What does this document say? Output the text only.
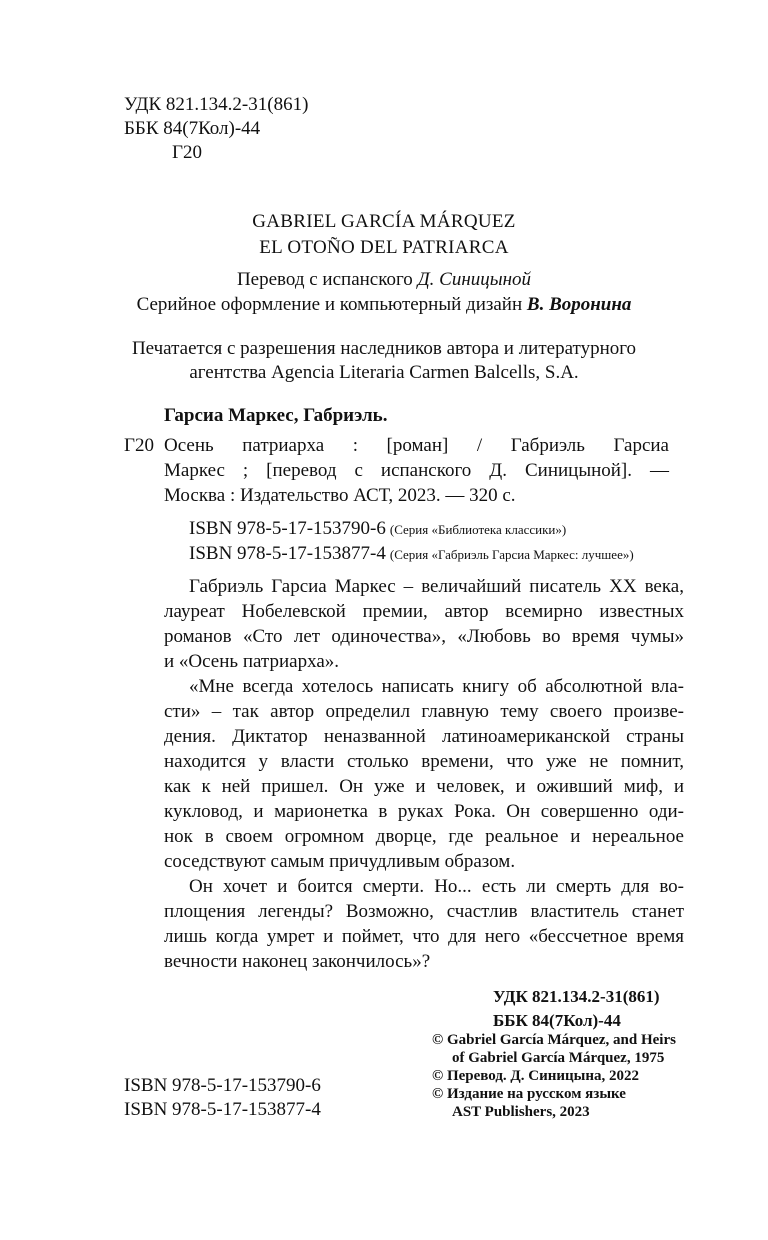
УДК 821.134.2-31(861)
ББК 84(7Кол)-44
Г20
GABRIEL GARCÍA MÁRQUEZ
EL OTOÑO DEL PATRIARCA
Перевод с испанского Д. Синицыной
Серийное оформление и компьютерный дизайн В. Воронина
Печатается с разрешения наследников автора и литературного
агентства Agencia Literaria Carmen Balcells, S.A.
Гарсиа Маркес, Габриэль.
Г20 Осень патриарха : [роман] / Габриэль Гарсиа
Маркес ; [перевод с испанского Д. Синицыной]. —
Москва : Издательство АСТ, 2023. — 320 с.
ISBN 978-5-17-153790-6 (Серия «Библиотека классики»)
ISBN 978-5-17-153877-4 (Серия «Габриэль Гарсиа Маркес: лучшее»)
Габриэль Гарсиа Маркес – величайший писатель XX века,
лауреат Нобелевской премии, автор всемирно известных
романов «Сто лет одиночества», «Любовь во время чумы»
и «Осень патриарха».
«Мне всегда хотелось написать книгу об абсолютной вла-
сти» – так автор определил главную тему своего произве-
дения. Диктатор неназванной латиноамериканской страны
находится у власти столько времени, что уже не помнит,
как к ней пришел. Он уже и человек, и оживший миф, и
кукловод, и марионетка в руках Рока. Он совершенно оди-
нок в своем огромном дворце, где реальное и нереальное
соседствуют самым причудливым образом.
Он хочет и боится смерти. Но... есть ли смерть для во-
площения легенды? Возможно, счастлив властитель станет
лишь когда умрет и поймет, что для него «бессчетное время
вечности наконец закончилось»?
УДК 821.134.2-31(861)
ББК 84(7Кол)-44
ISBN 978-5-17-153790-6
ISBN 978-5-17-153877-4
© Gabriel García Márquez, and Heirs
of Gabriel García Márquez, 1975
© Перевод. Д. Синицына, 2022
© Издание на русском языке
AST Publishers, 2023
